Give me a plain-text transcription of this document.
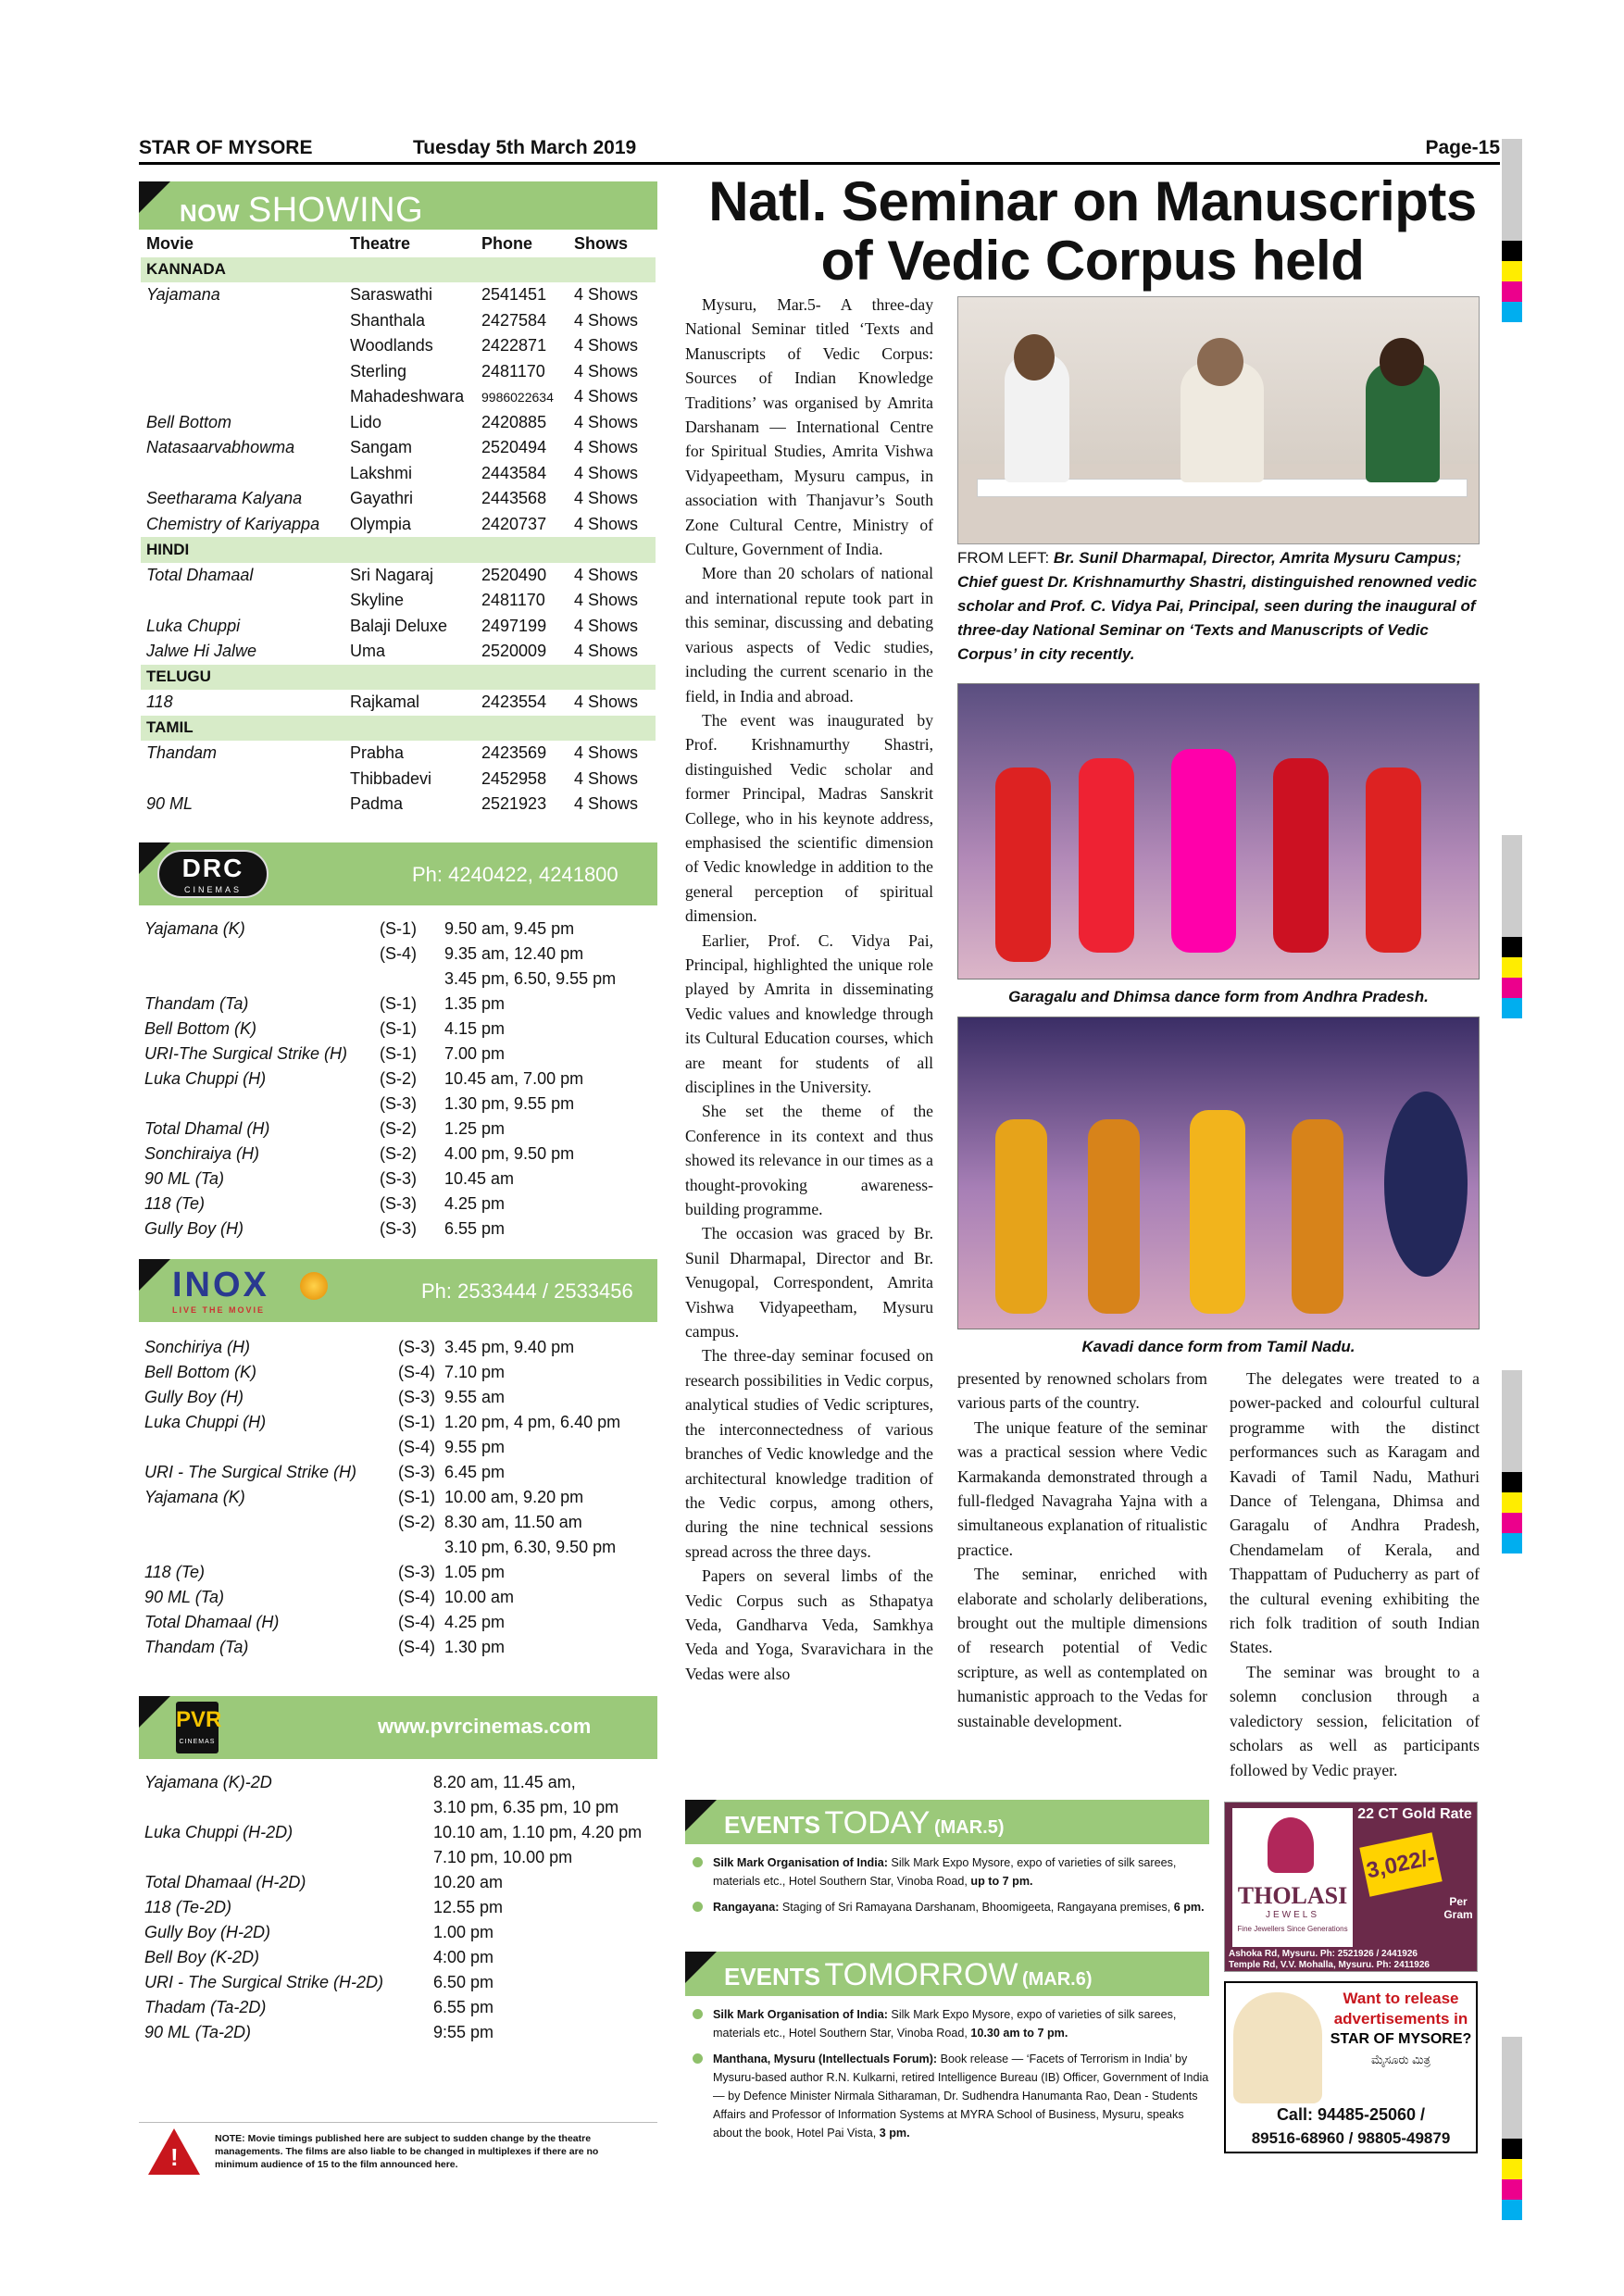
STAR OF MYSORE	Tuesday 5th March 2019	Page-15
NOW SHOWING
Movie	Theatre	Phone	Shows
KANNADA			
Yajamana	Saraswathi	2541451	4 Shows
	Shanthala	2427584	4 Shows
	Woodlands	2422871	4 Shows
	Sterling	2481170	4 Shows
	Mahadeshwara	9986022634	4 Shows
Bell Bottom	Lido	2420885	4 Shows
Natasaarvabhowma	Sangam	2520494	4 Shows
	Lakshmi	2443584	4 Shows
Seetharama Kalyana	Gayathri	2443568	4 Shows
Chemistry of Kariyappa	Olympia	2420737	4 Shows
HINDI			
Total Dhamaal	Sri Nagaraj	2520490	4 Shows
	Skyline	2481170	4 Shows
Luka Chuppi	Balaji Deluxe	2497199	4 Shows
Jalwe Hi Jalwe	Uma	2520009	4 Shows
TELUGU			
118	Rajkamal	2423554	4 Shows
TAMIL			
Thandam	Prabha	2423569	4 Shows
	Thibbadevi	2452958	4 Shows
90 ML	Padma	2521923	4 Shows
DRC
CINEMAS
Ph: 4240422, 4241800
Yajamana (K)	(S-1)	9.50 am, 9.45 pm
	(S-4)	9.35 am, 12.40 pm
		3.45 pm, 6.50, 9.55 pm
Thandam (Ta)	(S-1)	1.35 pm
Bell Bottom (K)	(S-1)	4.15 pm
URI-The Surgical Strike (H)	(S-1)	7.00 pm
Luka Chuppi (H)	(S-2)	10.45 am, 7.00 pm
	(S-3)	1.30 pm, 9.55 pm
Total Dhamal (H)	(S-2)	1.25 pm
Sonchiraiya (H)	(S-2)	4.00 pm, 9.50 pm
90 ML (Ta)	(S-3)	10.45 am
118 (Te)	(S-3)	4.25 pm
Gully Boy (H)	(S-3)	6.55 pm
INOX
LIVE THE MOVIE
Ph: 2533444 / 2533456
Sonchiriya (H)	(S-3)	3.45 pm, 9.40 pm
Bell Bottom (K)	(S-4)	7.10 pm
Gully Boy (H)	(S-3)	9.55 am
Luka Chuppi (H)	(S-1)	1.20 pm, 4 pm, 6.40 pm
	(S-4)	9.55 pm
URI - The Surgical Strike (H)	(S-3)	6.45 pm
Yajamana (K)	(S-1)	10.00 am, 9.20 pm
	(S-2)	8.30 am, 11.50 am
		3.10 pm, 6.30, 9.50 pm
118 (Te)	(S-3)	1.05 pm
90 ML (Ta)	(S-4)	10.00 am
Total Dhamaal (H)	(S-4)	4.25 pm
Thandam (Ta)	(S-4)	1.30 pm
PVR
CINEMAS
www.pvrcinemas.com
Yajamana (K)-2D	8.20 am, 11.45 am,
	3.10 pm, 6.35 pm, 10 pm
Luka Chuppi (H-2D)	10.10 am, 1.10 pm, 4.20 pm
	7.10 pm, 10.00 pm
Total Dhamaal (H-2D)	10.20 am
118 (Te-2D)	12.55 pm
Gully Boy (H-2D)	1.00 pm
Bell Boy (K-2D)	4:00 pm
URI - The Surgical Strike (H-2D)	6.50 pm
Thadam (Ta-2D)	6.55 pm
90 ML (Ta-2D)	9:55 pm
!
NOTE: Movie timings published here are subject to sudden change by the theatre managements. The films are also liable to be changed in multiplexes if there are no minimum audience of 15 to the film announced here.
Natl. Seminar on Manuscripts of Vedic Corpus held

Mysuru, Mar.5- A three-day National Seminar titled ‘Texts and Manuscripts of Vedic Corpus: Sources of Indian Knowledge Traditions’ was organised by Amrita Darshanam — International Centre for Spiritual Studies, Amrita Vishwa Vidyapeetham, Mysuru campus, in association with Thanjavur’s South Zone Cultural Centre, Ministry of Culture, Government of India.

More than 20 scholars of national and international repute took part in this seminar, discussing and debating various aspects of Vedic studies, including the current scenario in the field, in India and abroad.

The event was inaugurated by Prof. Krishnamurthy Shastri, distinguished Vedic scholar and former Principal, Madras Sanskrit College, who in his keynote address, emphasised the scientific dimension of Vedic knowledge in addition to the general perception of spiritual dimension.

Earlier, Prof. C. Vidya Pai, Principal, highlighted the unique role played by Amrita in disseminating Vedic values and knowledge through its Cultural Education courses, which are meant for students of all disciplines in the University.

She set the theme of the Conference in its context and thus showed its relevance in our times as a thought-provoking awareness-building programme.

The occasion was graced by Br. Sunil Dharmapal, Director and Br. Venugopal, Correspondent, Amrita Vishwa Vidyapeetham, Mysuru campus.

The three-day seminar focused on research possibilities in Vedic corpus, analytical studies of Vedic scriptures, the interconnectedness of various branches of Vedic knowledge and the architectural knowledge tradition of the Vedic corpus, among others, during the nine technical sessions spread across the three days.

Papers on several limbs of the Vedic Corpus such as Sthapatya Veda, Gandharva Veda, Samkhya Veda and Yoga, Svaravichara in the Vedas were also

FROM LEFT: Br. Sunil Dharmapal, Director, Amrita Mysuru Campus; Chief guest Dr. Krishnamurthy Shastri, distinguished renowned vedic scholar and Prof. C. Vidya Pai, Principal, seen during the inaugural of three-day National Seminar on ‘Texts and Manuscripts of Vedic Corpus’ in city recently.
Garagalu and Dhimsa dance form from Andhra Pradesh.
Kavadi dance form from Tamil Nadu.

presented by renowned scholars from various parts of the country.

The unique feature of the seminar was a practical session where Vedic Karmakanda demonstrated through a full-fledged Navagraha Yajna with a simultaneous explanation of ritualistic practice.

The seminar, enriched with elaborate and scholarly deliberations, brought out the multiple dimensions of research potential of Vedic scripture, as well as contemplated on humanistic approach to the Vedas for sustainable development.

The delegates were treated to a power-packed and colourful cultural programme with the distinct performances such as Karagam and Kavadi of Tamil Nadu, Mathuri Dance of Telengana, Dhimsa and Garagalu of Andhra Pradesh, Chendamelam of Kerala, and Thappattam of Puducherry as part of the cultural evening exhibiting the rich folk tradition of south Indian States.

The seminar was brought to a solemn conclusion through a valedictory session, felicitation of scholars as well as participants followed by Vedic prayer.

EVENTS TODAY (MAR.5)
Silk Mark Organisation of India: Silk Mark Expo Mysore, expo of varieties of silk sarees, materials etc., Hotel Southern Star, Vinoba Road, up to 7 pm.
Rangayana: Staging of Sri Ramayana Darshanam, Bhoomigeeta, Rangayana premises, 6 pm.
EVENTS TOMORROW (MAR.6)
Silk Mark Organisation of India: Silk Mark Expo Mysore, expo of varieties of silk sarees, materials etc., Hotel Southern Star, Vinoba Road, 10.30 am to 7 pm.
Manthana, Mysuru (Intellectuals Forum): Book release — ‘Facets of Terrorism in India’ by Mysuru-based author R.N. Kulkarni, retired Intelligence Bureau (IB) Officer, Government of India — by Defence Minister Nirmala Sitharaman, Dr. Sudhendra Hanumanta Rao, Dean - Students Affairs and Professor of Information Systems at MYRA School of Business, Mysuru, speaks about the book, Hotel Pai Vista, 3 pm.
THOLASI
JEWELS
Fine Jewellers Since Generations
22 CT Gold Rate
3,022/-
Per Gram
Ashoka Rd, Mysuru. Ph: 2521926 / 2441926
Temple Rd, V.V. Mohalla, Mysuru. Ph: 2411926
Want to release
advertisements in
STAR OF MYSORE?
ಮೈಸೂರು ಮಿತ್ರ
Call: 94485-25060 /
89516-68960 / 98805-49879
